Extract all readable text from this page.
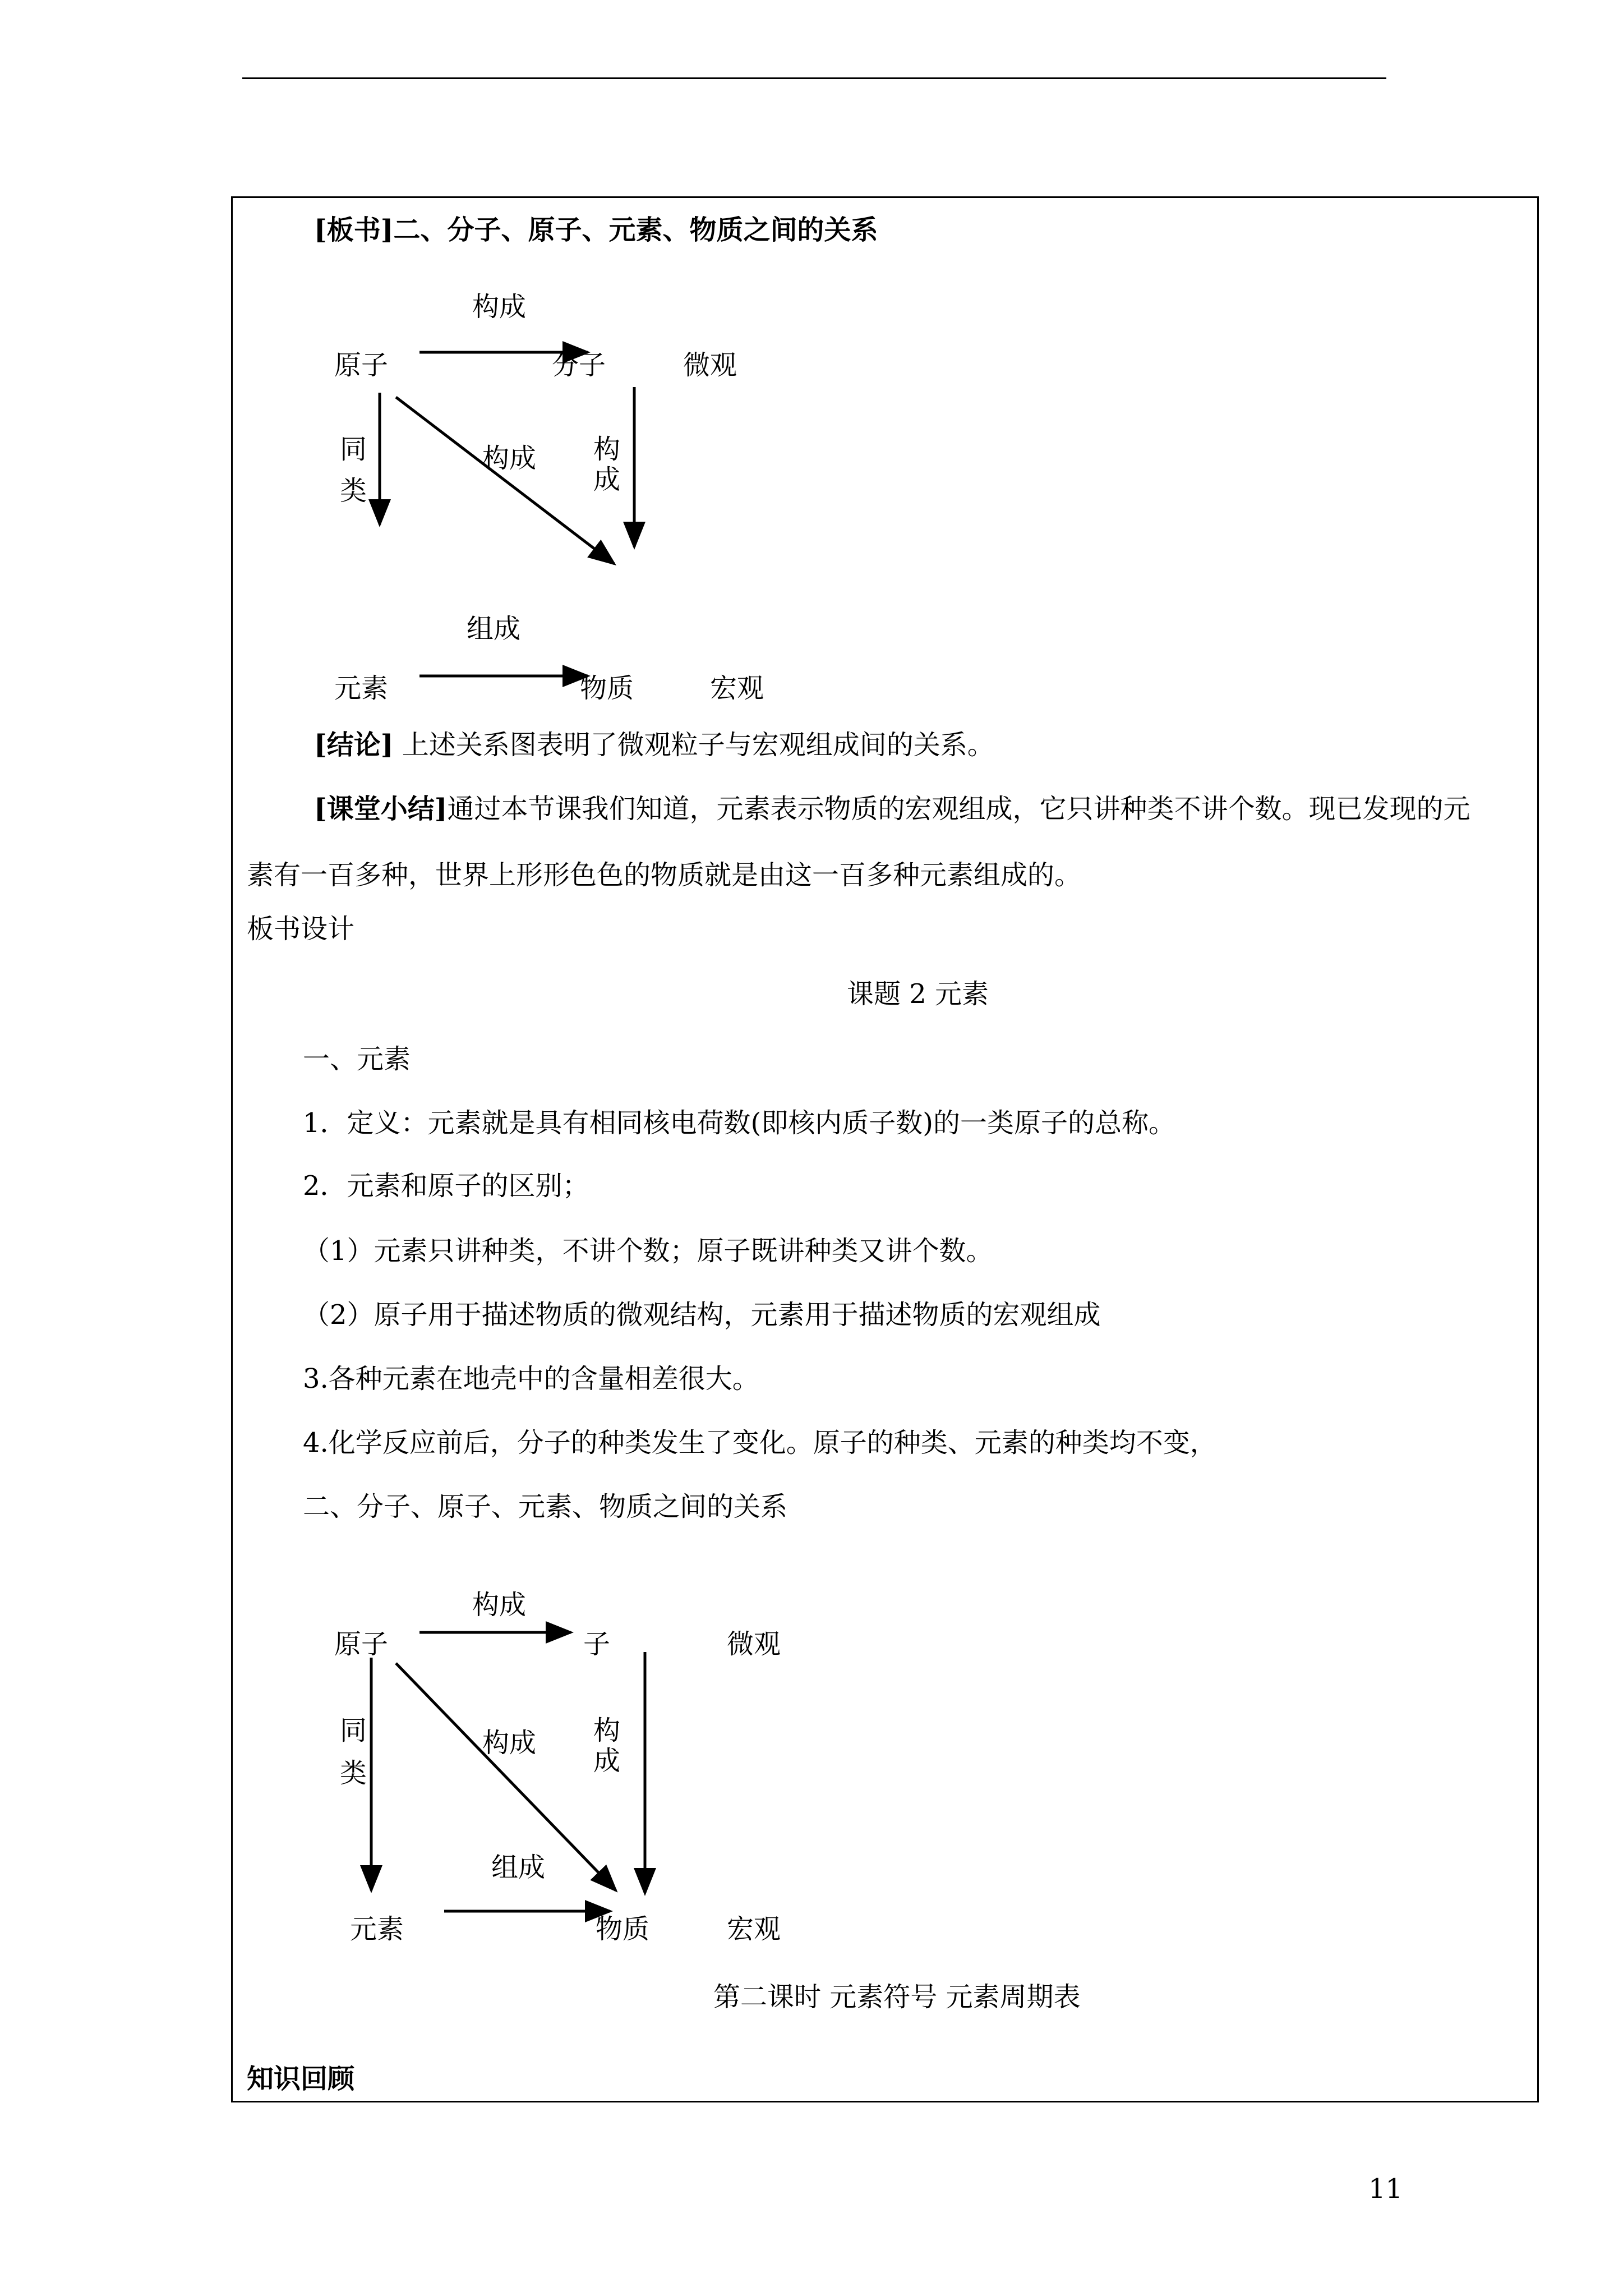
[板书]二、分子、原子、元素、物质之间的关系
构成
原子	分子	微观
同
类
构成 构
成
组成
元素	物质	宏观
[结论] 上述关系图表明了微观粒子与宏观组成间的关系。
[课堂小结]通过本节课我们知道，元素表示物质的宏观组成，它只讲种类不讲个数。现已发现的元
素有一百多种，世界上形形色色的物质就是由这一百多种元素组成的。
板书设计
课题 2 元素
一、元素
1．定义：元素就是具有相同核电荷数(即核内质子数)的一类原子的总称。
2．元素和原子的区别；
（1）元素只讲种类，不讲个数；原子既讲种类又讲个数。
（2）原子用于描述物质的微观结构，元素用于描述物质的宏观组成
3.各种元素在地壳中的含量相差很大。
4.化学反应前后，分子的种类发生了变化。原子的种类、元素的种类均不变，
二、分子、原子、元素、物质之间的关系
构成
原子	子	微观
同
类
构成 构
成
组成
元素	物质	宏观
第二课时 元素符号 元素周期表
知识回顾
11
